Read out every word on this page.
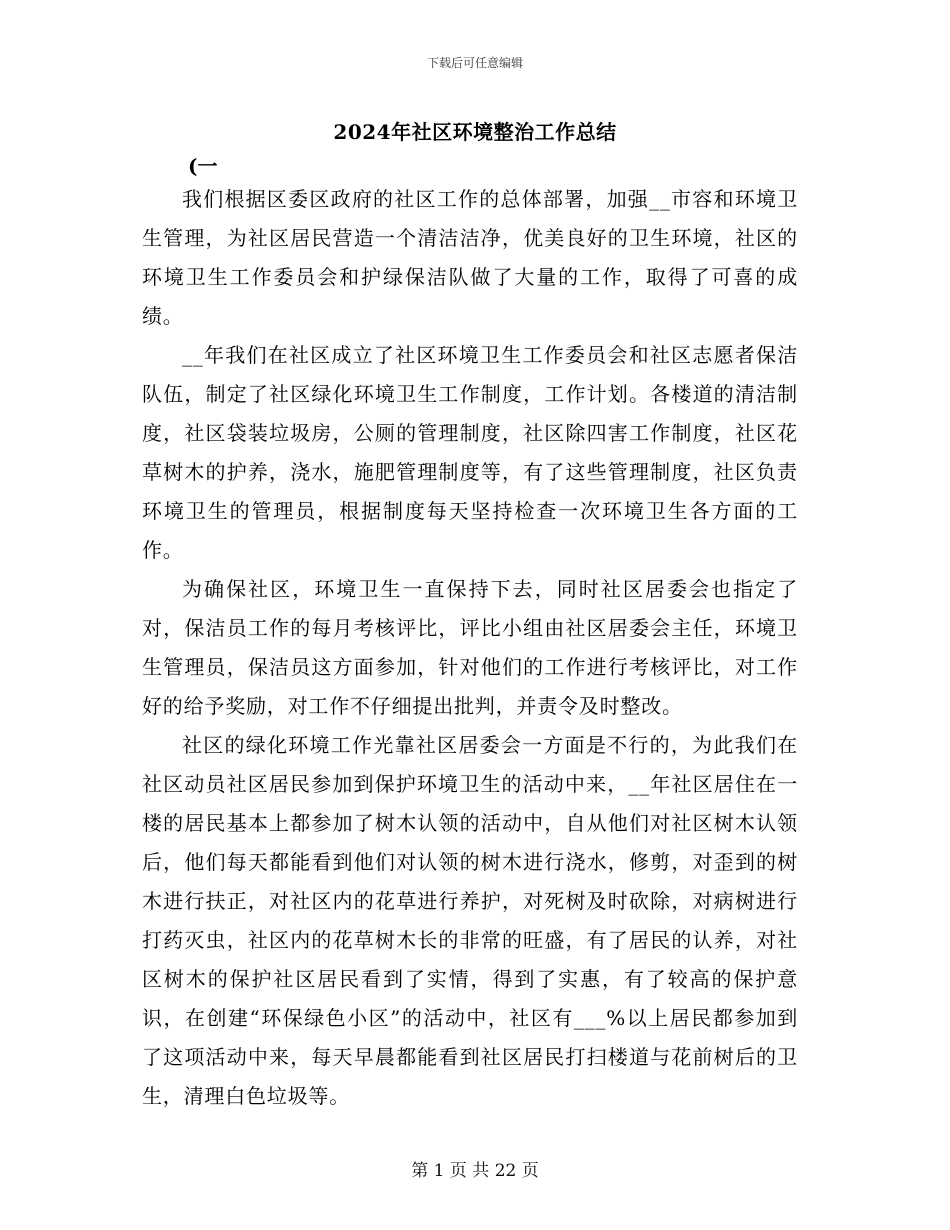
下载后可任意编辑
2024年社区环境整治工作总结
(一

我们根据区委区政府的社区工作的总体部署，加强__市容和环境卫生管理，为社区居民营造一个清洁洁净，优美良好的卫生环境，社区的环境卫生工作委员会和护绿保洁队做了大量的工作，取得了可喜的成绩。

__年我们在社区成立了社区环境卫生工作委员会和社区志愿者保洁队伍，制定了社区绿化环境卫生工作制度，工作计划。各楼道的清洁制度，社区袋装垃圾房，公厕的管理制度，社区除四害工作制度，社区花草树木的护养，浇水，施肥管理制度等，有了这些管理制度，社区负责环境卫生的管理员，根据制度每天坚持检查一次环境卫生各方面的工作。

为确保社区，环境卫生一直保持下去，同时社区居委会也指定了对，保洁员工作的每月考核评比，评比小组由社区居委会主任，环境卫生管理员，保洁员这方面参加，针对他们的工作进行考核评比，对工作好的给予奖励，对工作不仔细提出批判，并责令及时整改。

社区的绿化环境工作光靠社区居委会一方面是不行的，为此我们在社区动员社区居民参加到保护环境卫生的活动中来，__年社区居住在一楼的居民基本上都参加了树木认领的活动中，自从他们对社区树木认领后，他们每天都能看到他们对认领的树木进行浇水，修剪，对歪到的树木进行扶正，对社区内的花草进行养护，对死树及时砍除，对病树进行打药灭虫，社区内的花草树木长的非常的旺盛，有了居民的认养，对社区树木的保护社区居民看到了实情，得到了实惠，有了较高的保护意识，在创建“环保绿色小区”的活动中，社区有___%以上居民都参加到了这项活动中来，每天早晨都能看到社区居民打扫楼道与花前树后的卫生，清理白色垃圾等。

第 1 页 共 22 页
